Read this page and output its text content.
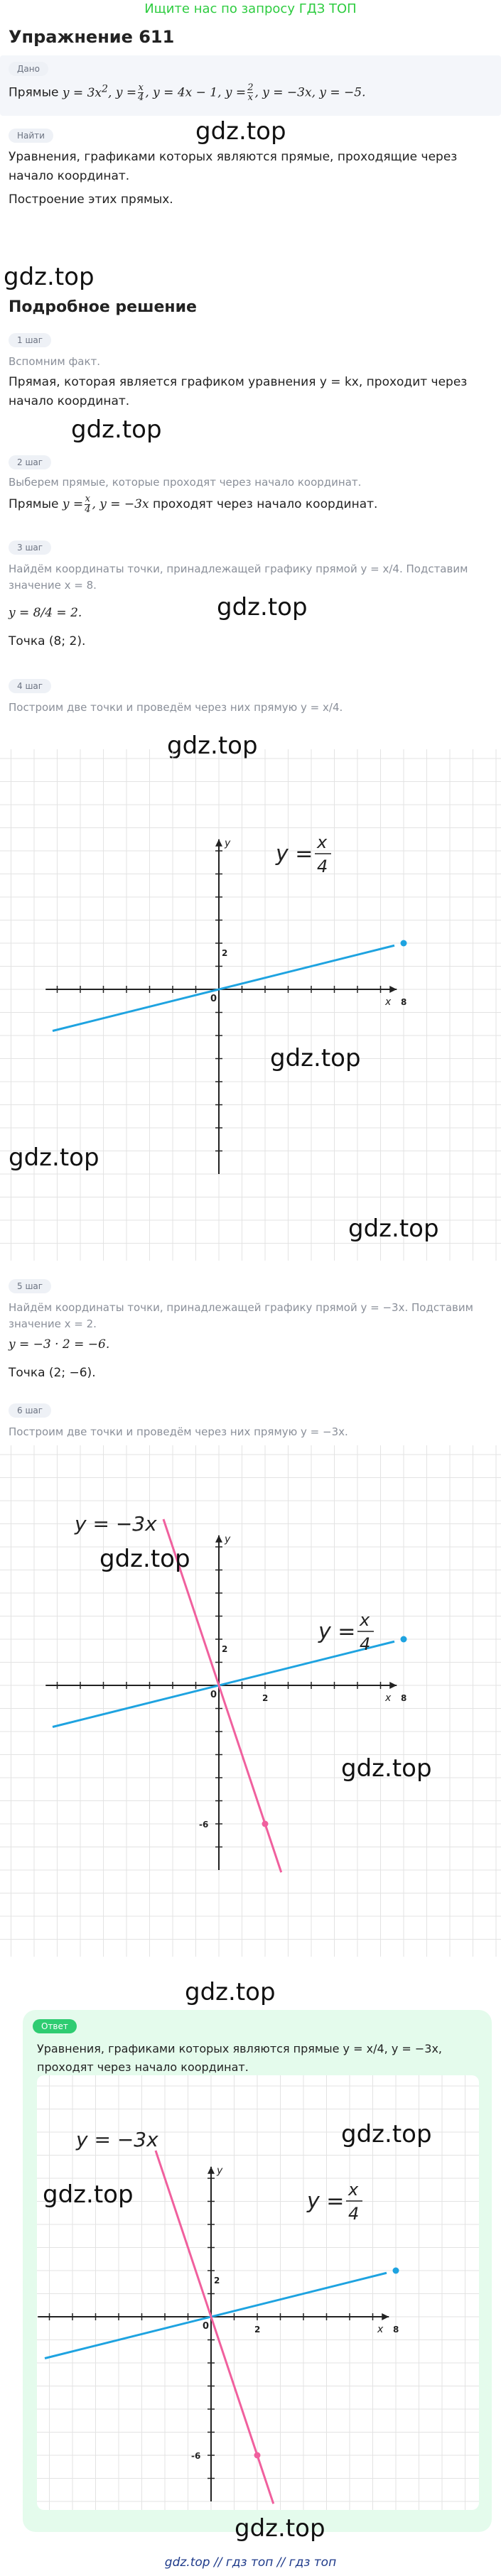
Ищите нас по запросу ГДЗ ТОП
Упражнение 611
Дано
Прямые $y = 3x^2$, $y = \frac{x}{4}$ , y = 4x − 1, $y = \frac{2}{x}$ , y = −3x, y = −5.
gdz.top
Найти
Уравнения, графиками которых являются прямые, проходящие через начало координат.
Построение этих прямых.
gdz.top
Подробное решение
1 шаг
Вспомним факт.
Прямая, которая является графиком уравнения y = kx, проходит через начало координат.
gdz.top
2 шаг
Выберем прямые, которые проходят через начало координат.
Прямые $y = \frac{x}{4}$ , y = −3x проходят через начало координат.
3 шаг
Найдём координаты точки, принадлежащей графику прямой y = x/4. Подставим значение x = 8.
y = 8/4 = 2.	gdz.top
Точка (8; 2).
4 шаг
Построим две точки и проведём через них прямую y = x/4.
gdz.top
x
y
0
2
8
y = x
4
gdz.top
gdz.top
gdz.top
5 шаг
Найдём координаты точки, принадлежащей графику прямой y = −3x. Подставим значение x = 2.
y = −3 · 2 = −6.
Точка (2; −6).
6 шаг
Построим две точки и проведём через них прямую y = −3x.
x
y
0
2
8
y = x
4
2
-6
y = −3x
gdz.top
gdz.top
gdz.top
Ответ
Уравнения, графиками которых являются прямые y = x/4, y = −3x, проходят через начало координат.
x
y
0
2
8
y = x
4
2
-6
y = −3x	gdz.top
gdz.top
gdz.top
gdz.top // гдз топ // гдз топ
